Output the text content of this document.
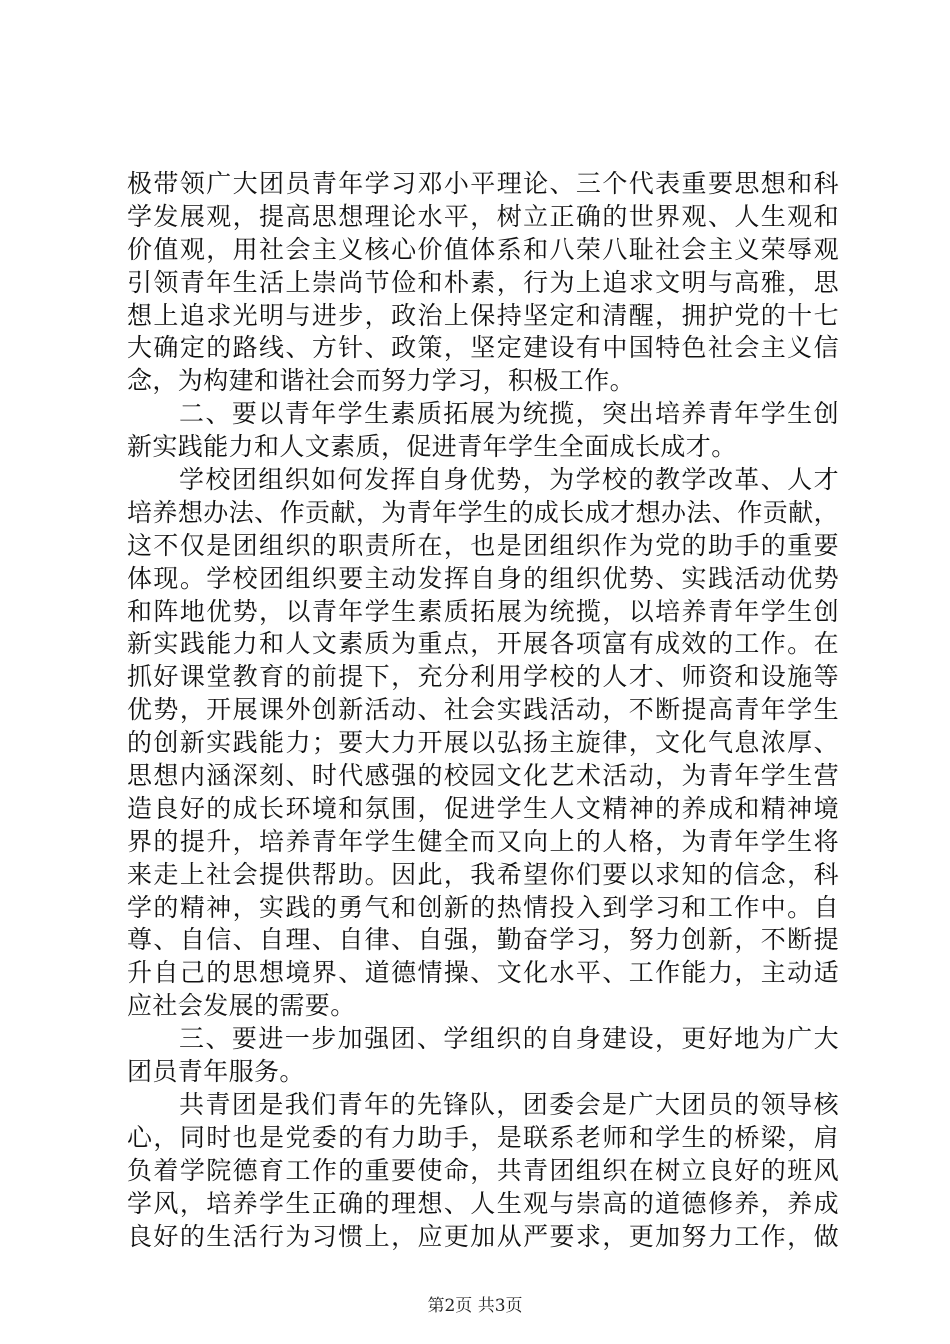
极带领广大团员青年学习邓小平理论、三个代表重要思想和科
学发展观，提高思想理论水平，树立正确的世界观、人生观和
价值观，用社会主义核心价值体系和八荣八耻社会主义荣辱观
引领青年生活上崇尚节俭和朴素，行为上追求文明与高雅，思
想上追求光明与进步，政治上保持坚定和清醒，拥护党的十七
大确定的路线、方针、政策，坚定建设有中国特色社会主义信
念，为构建和谐社会而努力学习，积极工作。
二、要以青年学生素质拓展为统揽，突出培养青年学生创
新实践能力和人文素质，促进青年学生全面成长成才。
学校团组织如何发挥自身优势，为学校的教学改革、人才
培养想办法、作贡献，为青年学生的成长成才想办法、作贡献，
这不仅是团组织的职责所在，也是团组织作为党的助手的重要
体现。学校团组织要主动发挥自身的组织优势、实践活动优势
和阵地优势，以青年学生素质拓展为统揽，以培养青年学生创
新实践能力和人文素质为重点，开展各项富有成效的工作。在
抓好课堂教育的前提下，充分利用学校的人才、师资和设施等
优势，开展课外创新活动、社会实践活动，不断提高青年学生
的创新实践能力；要大力开展以弘扬主旋律，文化气息浓厚、
思想内涵深刻、时代感强的校园文化艺术活动，为青年学生营
造良好的成长环境和氛围，促进学生人文精神的养成和精神境
界的提升，培养青年学生健全而又向上的人格，为青年学生将
来走上社会提供帮助。因此，我希望你们要以求知的信念，科
学的精神，实践的勇气和创新的热情投入到学习和工作中。自
尊、自信、自理、自律、自强，勤奋学习，努力创新，不断提
升自己的思想境界、道德情操、文化水平、工作能力，主动适
应社会发展的需要。
三、要进一步加强团、学组织的自身建设，更好地为广大
团员青年服务。
共青团是我们青年的先锋队，团委会是广大团员的领导核
心，同时也是党委的有力助手，是联系老师和学生的桥梁，肩
负着学院德育工作的重要使命，共青团组织在树立良好的班风
学风，培养学生正确的理想、人生观与崇高的道德修养，养成
良好的生活行为习惯上，应更加从严要求，更加努力工作，做
第2页 共3页
